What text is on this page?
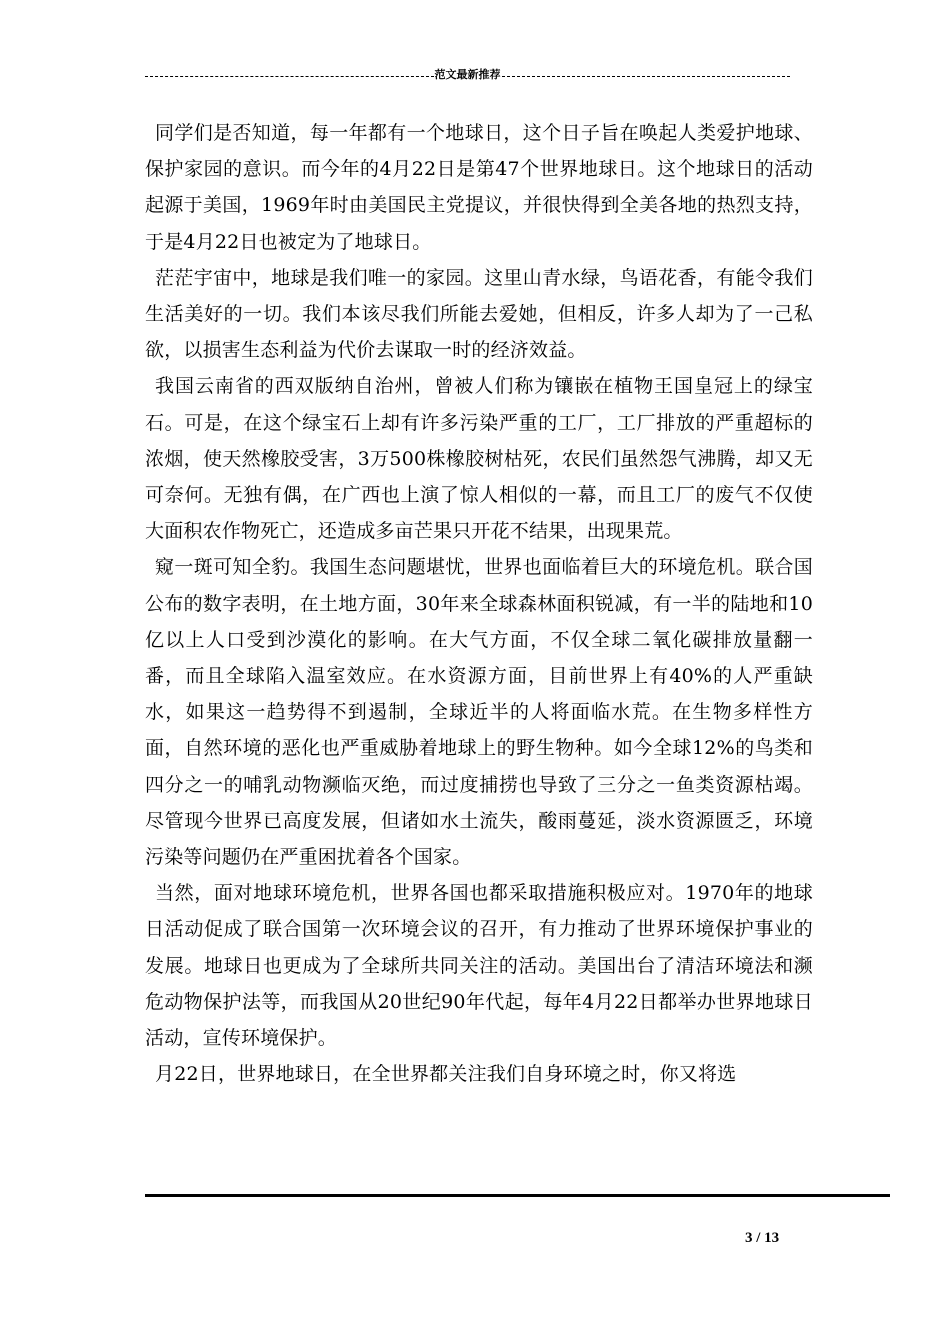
范文最新推荐

同学们是否知道，每一年都有一个地球日，这个日子旨在唤起人类爱护地球、保护家园的意识。而今年的4月22日是第47个世界地球日。这个地球日的活动起源于美国，1969年时由美国民主党提议，并很快得到全美各地的热烈支持，于是4月22日也被定为了地球日。

茫茫宇宙中，地球是我们唯一的家园。这里山青水绿，鸟语花香，有能令我们生活美好的一切。我们本该尽我们所能去爱她，但相反，许多人却为了一己私欲，以损害生态利益为代价去谋取一时的经济效益。

我国云南省的西双版纳自治州，曾被人们称为镶嵌在植物王国皇冠上的绿宝石。可是，在这个绿宝石上却有许多污染严重的工厂，工厂排放的严重超标的浓烟，使天然橡胶受害，3万500株橡胶树枯死，农民们虽然怨气沸腾，却又无可奈何。无独有偶，在广西也上演了惊人相似的一幕，而且工厂的废气不仅使大面积农作物死亡，还造成多亩芒果只开花不结果，出现果荒。

窥一斑可知全豹。我国生态问题堪忧，世界也面临着巨大的环境危机。联合国公布的数字表明，在土地方面，30年来全球森林面积锐减，有一半的陆地和10亿以上人口受到沙漠化的影响。在大气方面，不仅全球二氧化碳排放量翻一番，而且全球陷入温室效应。在水资源方面，目前世界上有40%的人严重缺水，如果这一趋势得不到遏制，全球近半的人将面临水荒。在生物多样性方面，自然环境的恶化也严重威胁着地球上的野生物种。如今全球12%的鸟类和四分之一的哺乳动物濒临灭绝，而过度捕捞也导致了三分之一鱼类资源枯竭。尽管现今世界已高度发展，但诸如水土流失，酸雨蔓延，淡水资源匮乏，环境污染等问题仍在严重困扰着各个国家。

当然，面对地球环境危机，世界各国也都采取措施积极应对。1970年的地球日活动促成了联合国第一次环境会议的召开，有力推动了世界环境保护事业的发展。地球日也更成为了全球所共同关注的活动。美国出台了清洁环境法和濒危动物保护法等，而我国从20世纪90年代起，每年4月22日都举办世界地球日活动，宣传环境保护。

月22日，世界地球日，在全世界都关注我们自身环境之时，你又将选

3 / 13
